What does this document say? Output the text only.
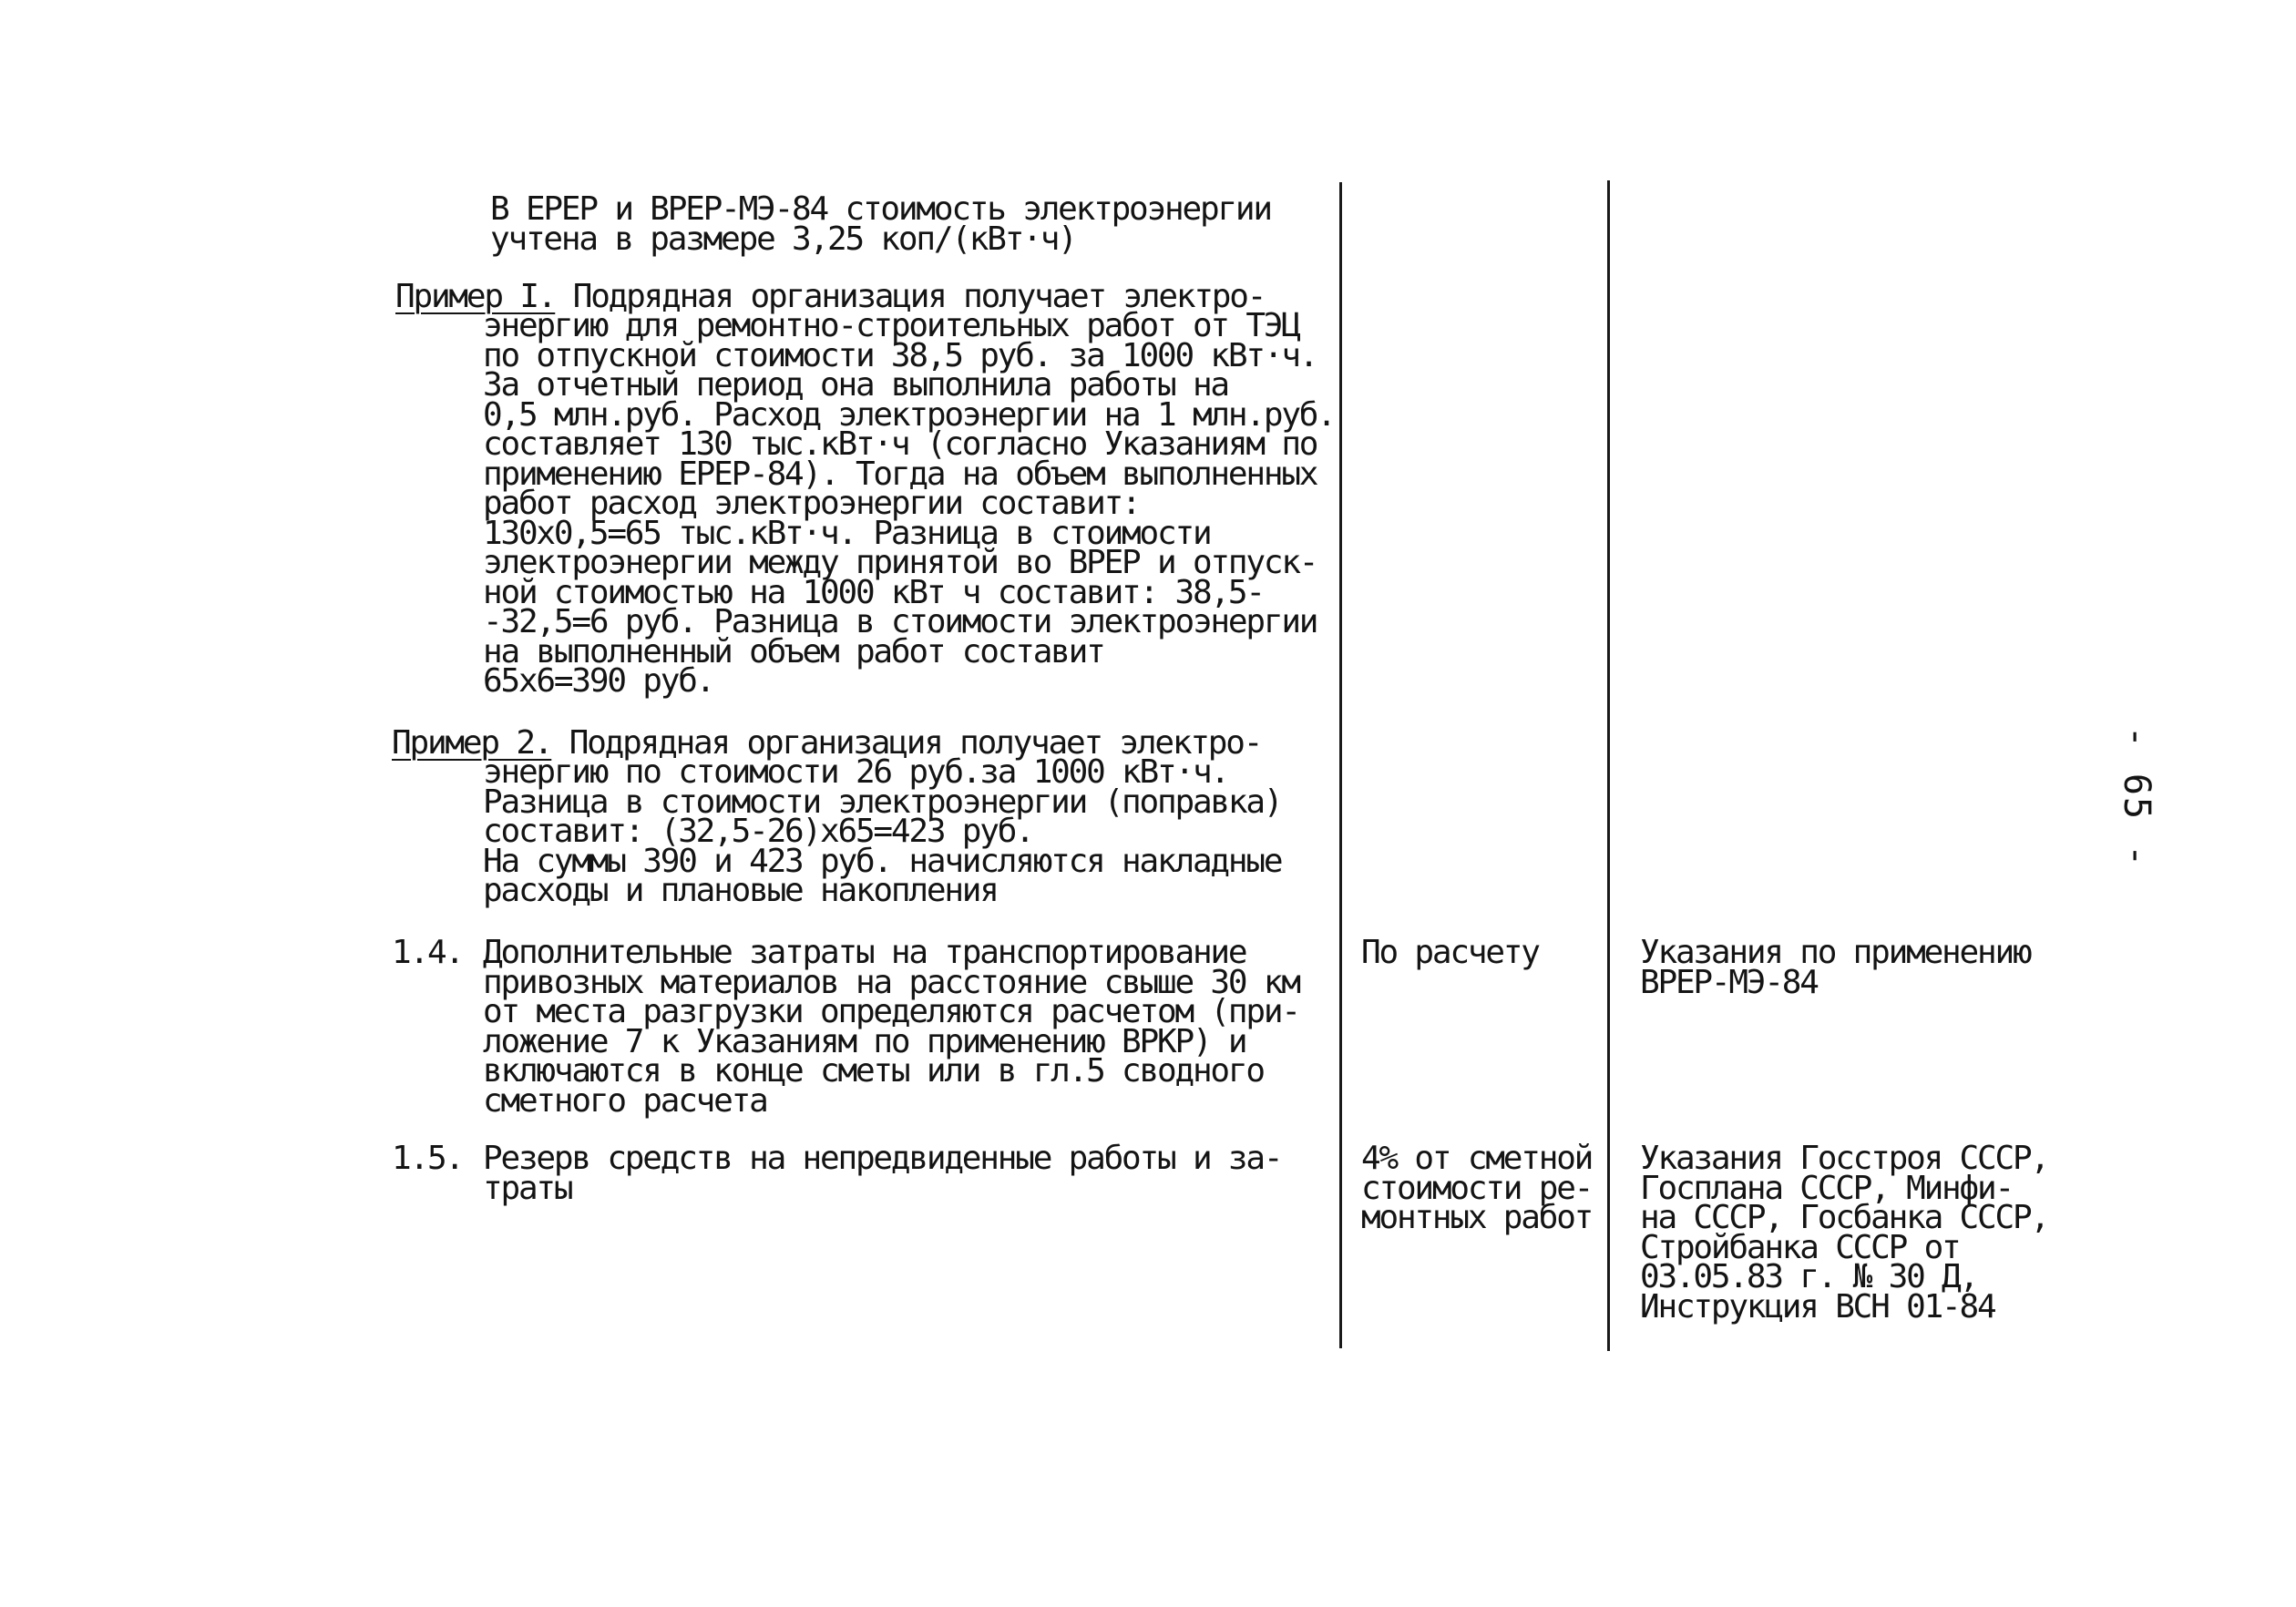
В ЕРЕР и ВРЕР-МЭ-84 стоимость электроэнергии
учтена в размере 3,25 коп/(кВт·ч)
Пример I. Подрядная организация получает электро-
энергию для ремонтно-строительных работ от ТЭЦ
по отпускной стоимости 38,5 руб. за 1000 кВт·ч.
За отчетный период она выполнила работы на
0,5 млн.руб. Расход электроэнергии на 1 млн.руб.
составляет 130 тыс.кВт·ч (согласно Указаниям по
применению ЕРЕР-84). Тогда на объем выполненных
работ расход электроэнергии составит:
130х0,5=65 тыс.кВт·ч. Разница в стоимости
электроэнергии между принятой во ВРЕР и отпуск-
ной стоимостью на 1000 кВт ч составит: 38,5-
-32,5=6 руб. Разница в стоимости электроэнергии
на выполненный объем работ составит
65х6=390 руб.
Пример 2. Подрядная организация получает электро-
энергию по стоимости 26 руб.за 1000 кВт·ч.
Разница в стоимости электроэнергии (поправка)
составит: (32,5-26)х65=423 руб.
На суммы 390 и 423 руб. начисляются накладные
расходы и плановые накопления
1.4. Дополнительные затраты на транспортирование
привозных материалов на расстояние свыше 30 км
от места разгрузки определяются расчетом (при-
ложение 7 к Указаниям по применению ВРКР) и
включаются в конце сметы или в гл.5 сводного
сметного расчета
По расчету	Указания по применению
ВРЕР-МЭ-84
1.5. Резерв средств на непредвиденные работы и за-
траты
4% от сметной
стоимости ре-
монтных работ
Указания Госстроя СССР,
Госплана СССР, Минфи-
на СССР, Госбанка СССР,
Стройбанка СССР от
03.05.83 г. № 30 Д,
Инструкция ВСН 01-84
- 65 -
